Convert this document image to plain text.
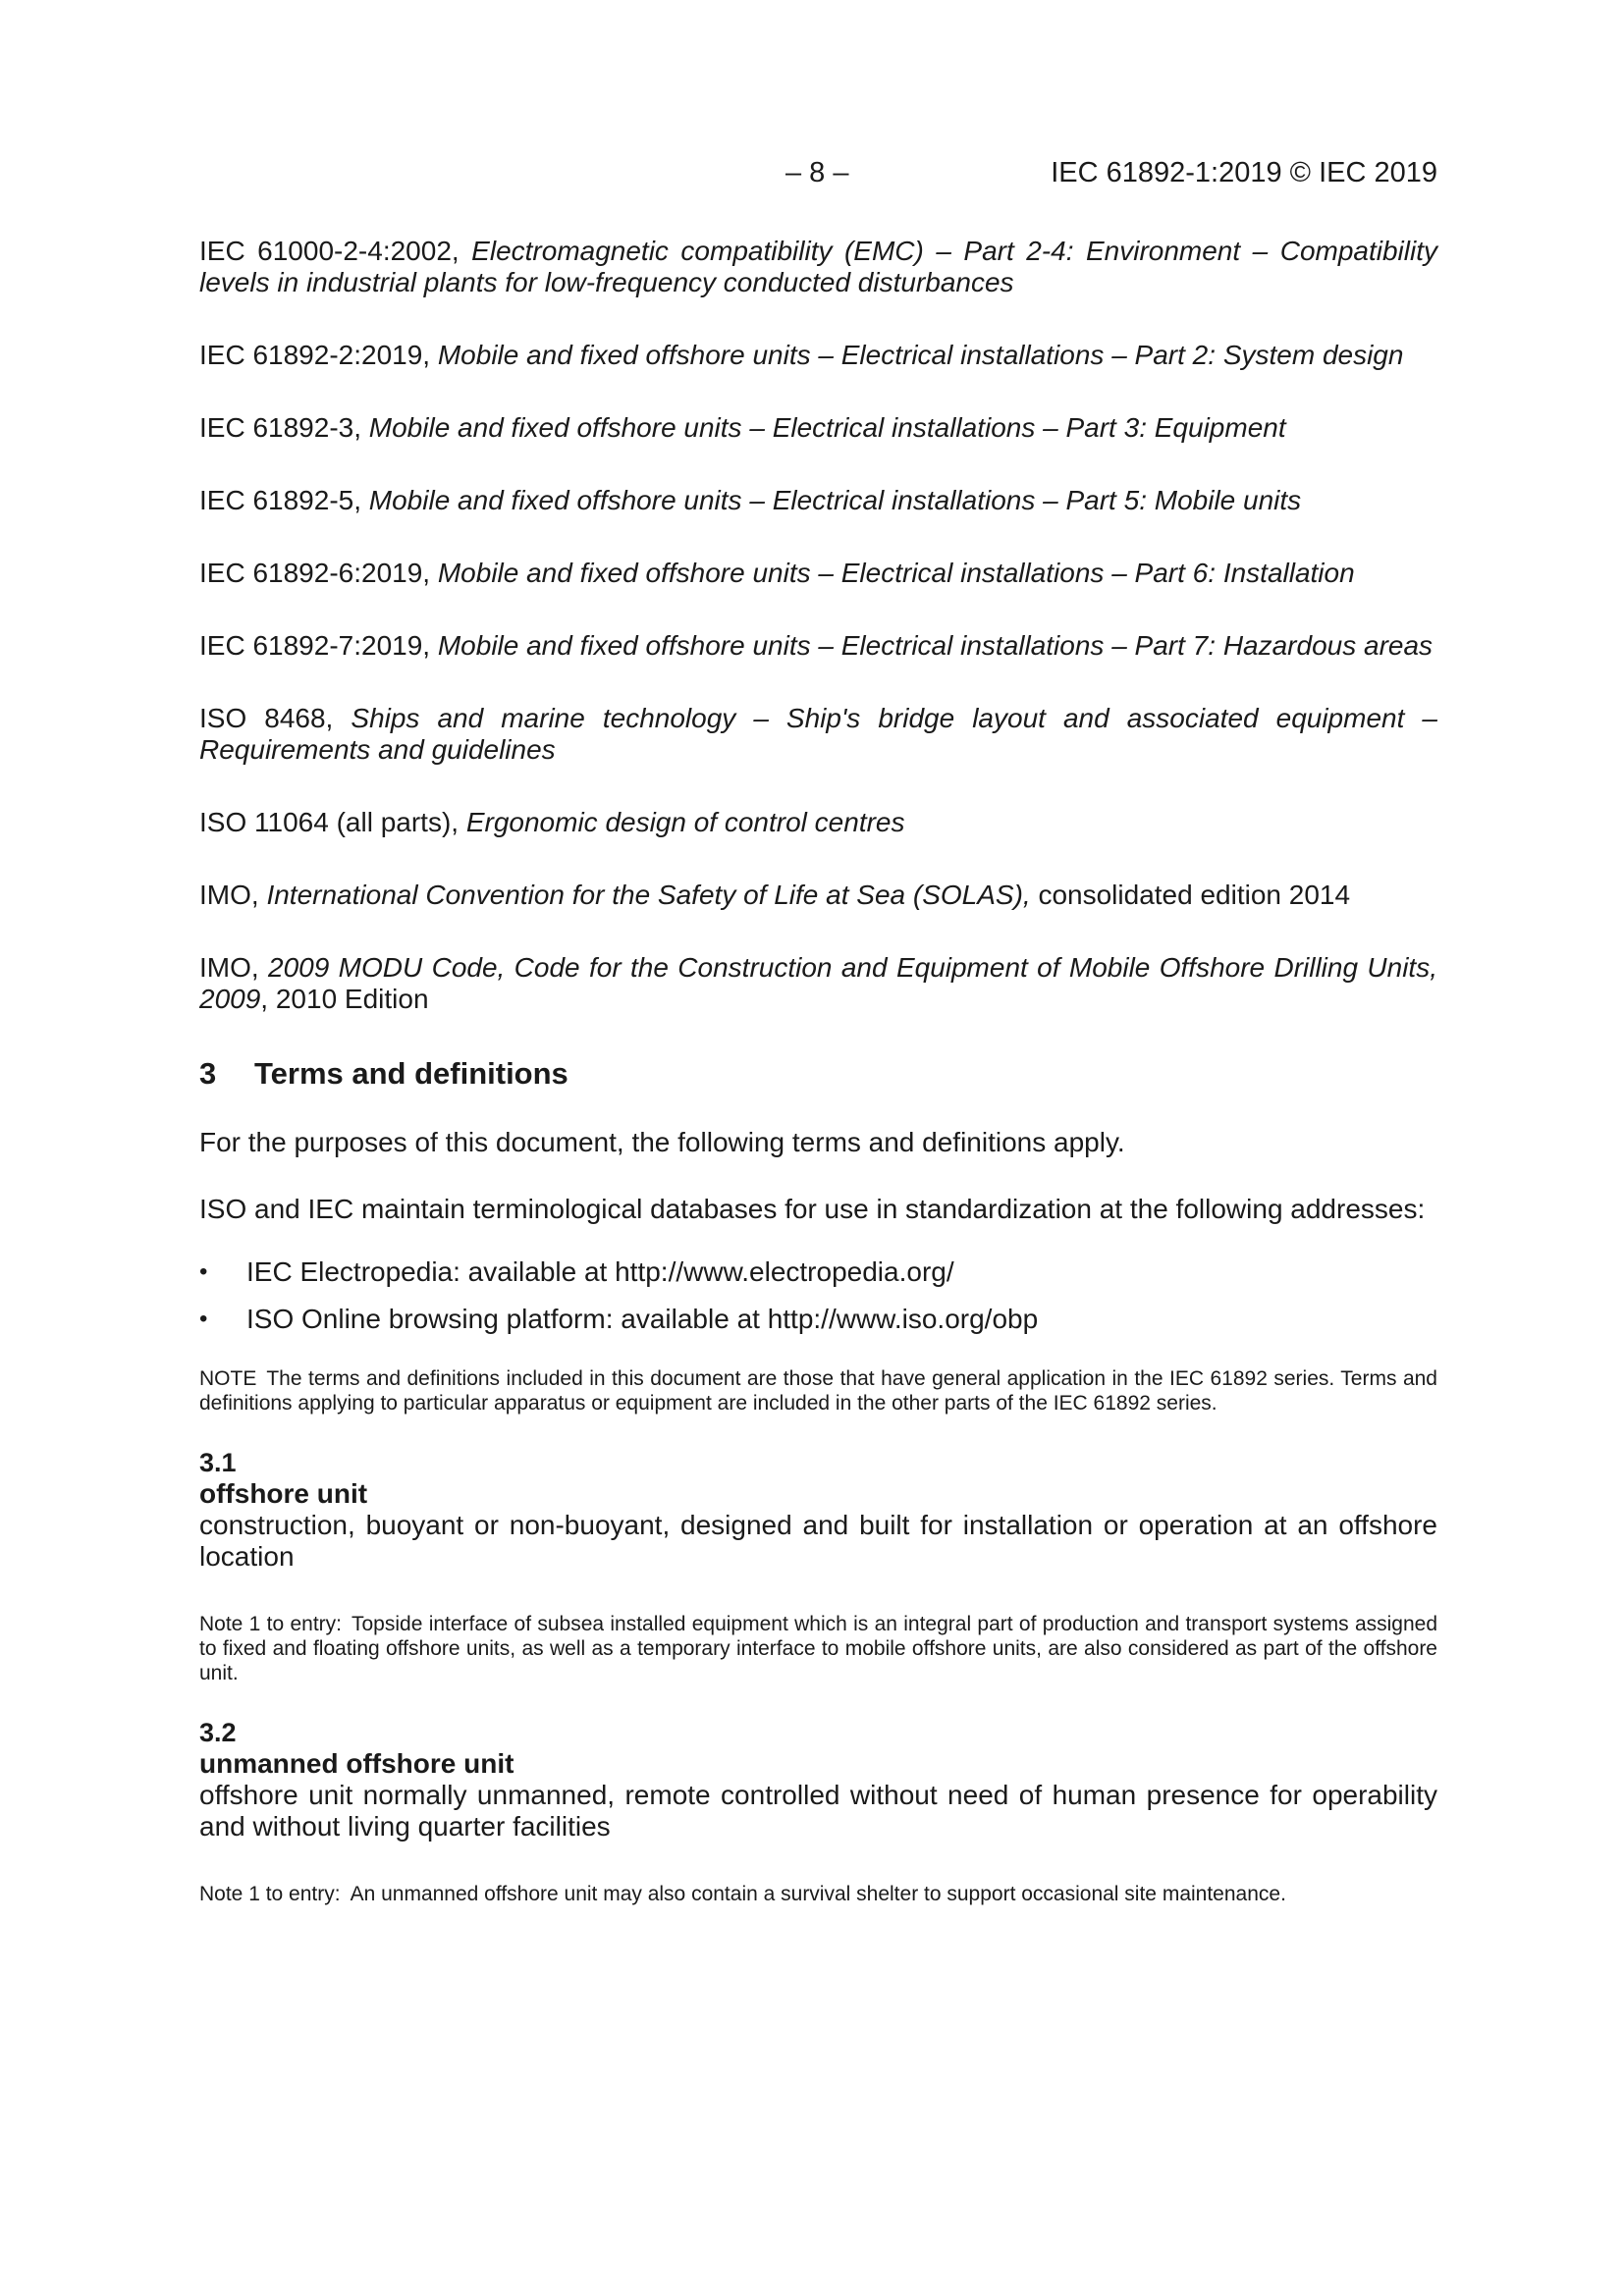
– 8 –	IEC 61892-1:2019 © IEC 2019

IEC 61000-2-4:2002, Electromagnetic compatibility (EMC) – Part 2-4: Environment – Compatibility levels in industrial plants for low-frequency conducted disturbances

IEC 61892-2:2019, Mobile and fixed offshore units – Electrical installations – Part 2: System design

IEC 61892-3, Mobile and fixed offshore units – Electrical installations – Part 3: Equipment

IEC 61892-5, Mobile and fixed offshore units – Electrical installations – Part 5: Mobile units

IEC 61892-6:2019, Mobile and fixed offshore units – Electrical installations – Part 6: Installation

IEC 61892-7:2019, Mobile and fixed offshore units – Electrical installations – Part 7: Hazardous areas

ISO 8468, Ships and marine technology – Ship's bridge layout and associated equipment – Requirements and guidelines

ISO 11064 (all parts), Ergonomic design of control centres

IMO, International Convention for the Safety of Life at Sea (SOLAS), consolidated edition 2014

IMO, 2009 MODU Code, Code for the Construction and Equipment of Mobile Offshore Drilling Units, 2009, 2010 Edition

3 Terms and definitions

For the purposes of this document, the following terms and definitions apply.

ISO and IEC maintain terminological databases for use in standardization at the following addresses:

•	IEC Electropedia: available at http://www.electropedia.org/
•	ISO Online browsing platform: available at http://www.iso.org/obp

NOTE The terms and definitions included in this document are those that have general application in the IEC 61892 series. Terms and definitions applying to particular apparatus or equipment are included in the other parts of the IEC 61892 series.

3.1
offshore unit
construction, buoyant or non-buoyant, designed and built for installation or operation at an offshore location
Note 1 to entry: Topside interface of subsea installed equipment which is an integral part of production and transport systems assigned to fixed and floating offshore units, as well as a temporary interface to mobile offshore units, are also considered as part of the offshore unit.
3.2
unmanned offshore unit
offshore unit normally unmanned, remote controlled without need of human presence for operability and without living quarter facilities
Note 1 to entry: An unmanned offshore unit may also contain a survival shelter to support occasional site maintenance.
